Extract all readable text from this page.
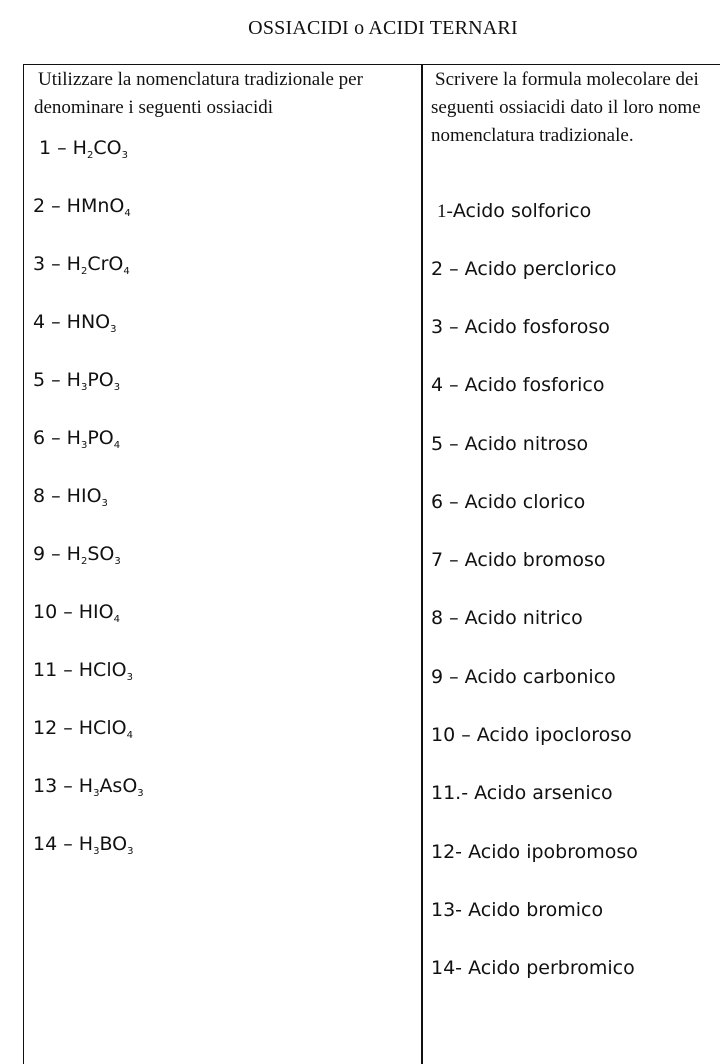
OSSIACIDI o ACIDI TERNARI
Utilizzare la nomenclatura tradizionale per
denominare i seguenti ossiacidi
Scrivere la formula molecolare dei
seguenti ossiacidi dato il loro nome
nomenclatura tradizionale.
$1 - H_2CO_3$
2 – HMnO$_4$
$3 - H_2CrO_4$
$4 - HNO_3$
$5 - H_3PO_3$
$6 - H_3PO_4$
$8 - HIO_3$
$9 - H_2SO_3$
$10 - HIO_4$
11 – HClO$_3$
12 – HClO$_4$
$13 - H_3AsO_3$
$14 - H_3BO_3$
1-Acido solforico
2 – Acido perclorico
3 – Acido fosforoso
4 – Acido fosforico
5 – Acido nitroso
6 – Acido clorico
7 – Acido bromoso
8 – Acido nitrico
9 – Acido carbonico
10 – Acido ipocloroso
11.- Acido arsenico
12- Acido ipobromoso
13- Acido bromico
14- Acido perbromico
